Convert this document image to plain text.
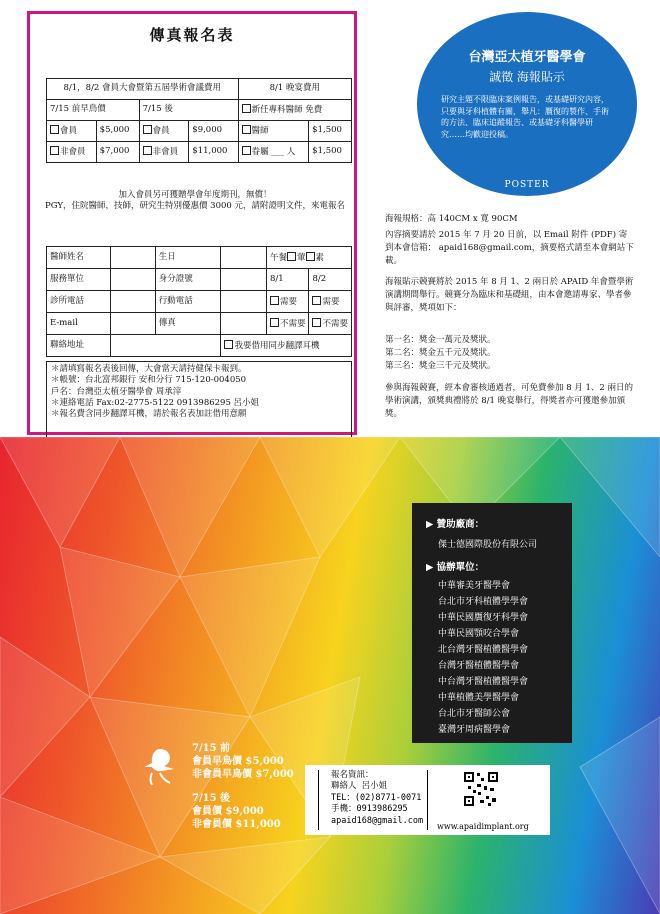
傳真報名表
8/1，8/2 會員大會暨第五屆學術會議費用				8/1 晚宴費用	
7/15 前早鳥價		7/15 後		新任專科醫師 免費	
會員	$5,000	會員	$9,000	醫師	$1,500
非會員	$7,000	非會員	$11,000	眷屬 ___ 人	$1,500
加入會員另可獲贈學會年度期刊，無償！
PGY，住院醫師，技師，研究生特別優惠價 3000 元，請附證明文件，來電報名
醫師姓名		生日		午餐 葷 素	
服務單位		身分證號		8/1	8/2
診所電話		行動電話		需要	需要
E-mail		傳真		不需要	不需要
聯絡地址			我要借用同步翻譯耳機		
＊請填寫報名表後回傳，大會當天請持健保卡報到。
＊帳號：台北富邦銀行 安和分行 715-120-004050
戶名：台灣亞太植牙醫學會 周承滓
＊連絡電話 Fax:02-2775-5122 0913986295 呂小姐
＊報名費含同步翻譯耳機，請於報名表加註借用意願
台灣亞太植牙醫學會
誠徵 海報貼示
研究主題不限臨床案例報告，或基礎研究內容，只要與牙科植體有關，舉凡：贋復的製作、手術的方法、臨床追蹤報告、或基礎牙科醫學研究……均歡迎投稿。
POSTER
海報規格：高 140CM x 寬 90CM
內容摘要請於 2015 年 7 月 20 日前，以 Email 附件 (PDF) 寄到本會信箱： apaid168@gmail.com，摘要格式請至本會網站下載。
海報貼示競賽將於 2015 年 8 月 1、2 兩日於 APAID 年會暨學術演講期間舉行。競賽分為臨床和基礎組，由本會邀請專家、學者參與評審，獎項如下：
第一名：獎金一萬元及獎狀。
第二名：獎金五千元及獎狀。
第三名：獎金三千元及獎狀。
參與海報競賽，經本會審核通過者，可免費參加 8 月 1、2 兩日的學術演講，頒獎典禮將於 8/1 晚宴舉行，得獎者亦可獲邀參加頒獎。
▶ 贊助廠商：
傑士德國際股份有限公司
▶ 協辦單位：
中華審美牙醫學會
台北市牙科植體學學會
中華民國贋復牙科學會
中華民國顎咬合學會
北台灣牙醫植體醫學會
台灣牙醫植體醫學會
中台灣牙醫植體醫學會
中華植體美學醫學會
台北市牙醫師公會
臺灣牙周病醫學會
7/15 前
會員早鳥價 $5,000
非會員早鳥價 $7,000
7/15 後
會員價 $9,000
非會員價 $11,000
報名資訊：
聯絡人 呂小姐
TEL：(02)8771-0071
手機：0913986295
apaid168@gmail.com
www.apaidimplant.org
